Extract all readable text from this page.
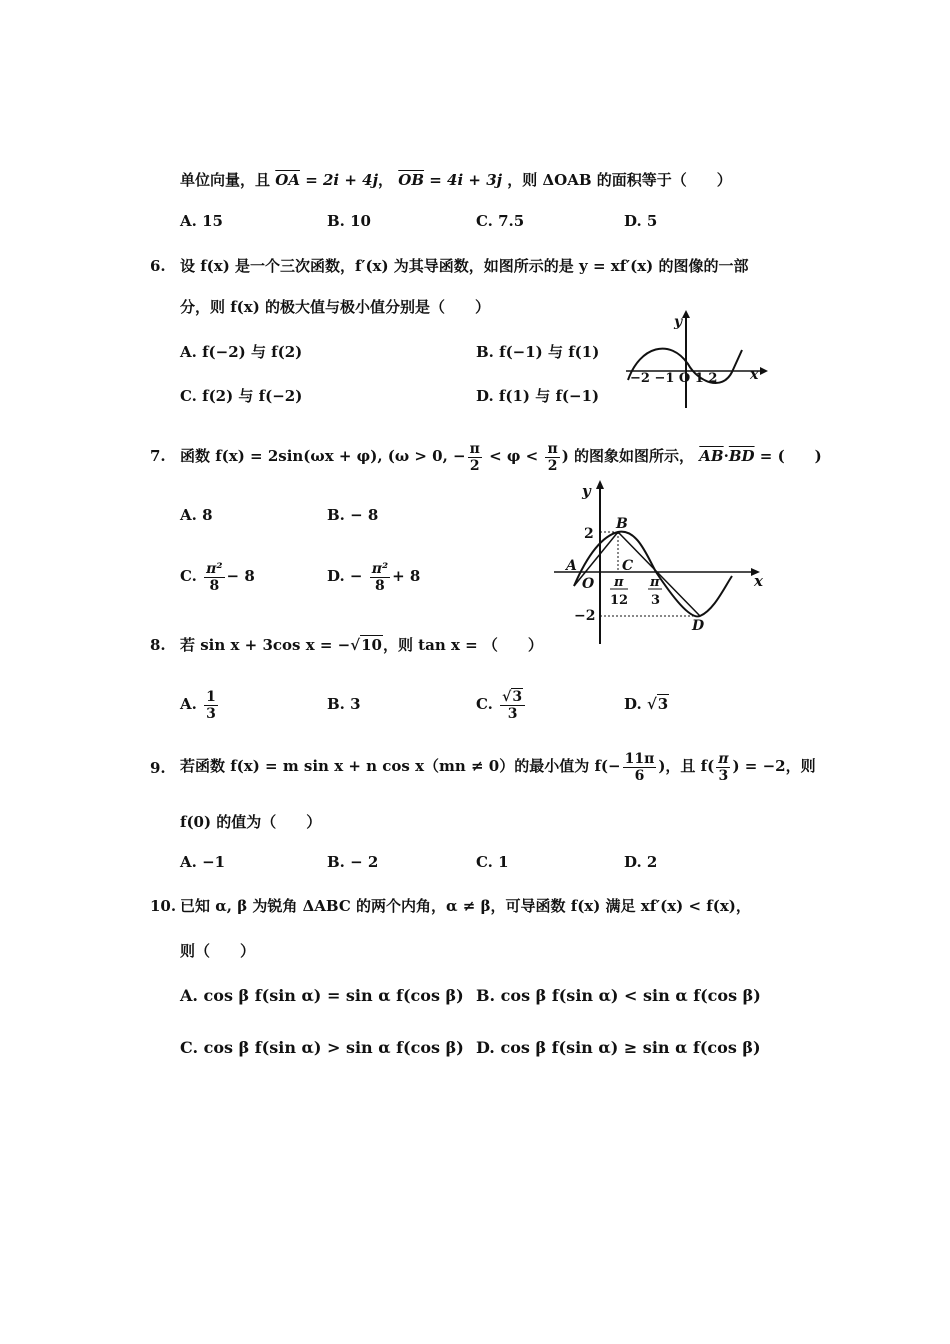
单位向量，且 $\overline{OA} = 2i + 4j$， $\overline{OB} = 4i + 3j$ ，则 ΔOAB 的面积等于（　　）
A. 15	B. 10	C. 7.5	D. 5
6. 设 f(x) 是一个三次函数，f′(x) 为其导函数，如图所示的是 y = xf′(x) 的图像的一部
分，则 f(x) 的极大值与极小值分别是（　　）
A. f(−2) 与 f(2)	B. f(−1) 与 f(1)
C. f(2) 与 f(−2)	D. f(1) 与 f(−1)
y
x
−2 −1 O 1 2
7. 函数 f(x) = 2sin(ωx + φ), (ω > 0, − $\frac{\pi}{2} < \varphi < \frac{\pi}{2}$ ) 的图象如图所示， $\overline{AB}\cdot\overline{BD}$ = (　　)
A. 8	B. − 8
C. $\frac{\text{π²}}{8} - 8$	D. − $\frac{\text{π²}}{8} + 8$
y
x
2
−2
B
A	C
D
O π
12
π
3
8. 若 sin x + 3cos x = −√10，则 tan x = （　　）
A. $\frac{1}{3}$	B. 3	C. $\frac{√3}{3}$	D. √3
9. 若函数 f(x) = m sin x + n cos x（mn ≠ 0）的最小值为 $f(- \frac{11\pi}{6}$ )，且 $f( \frac{\pi}{3}$ ) = −2，则
f(0) 的值为（　　）
A. −1	B. − 2	C. 1	D. 2
10. 已知 α, β 为锐角 ΔABC 的两个内角，α ≠ β，可导函数 f(x) 满足 xf′(x) < f(x)，
则（　　）
A. cos β f(sin α) = sin α f(cos β) B. cos β f(sin α) < sin α f(cos β)
C. cos β f(sin α) > sin α f(cos β) D. cos β f(sin α) ≥ sin α f(cos β)
